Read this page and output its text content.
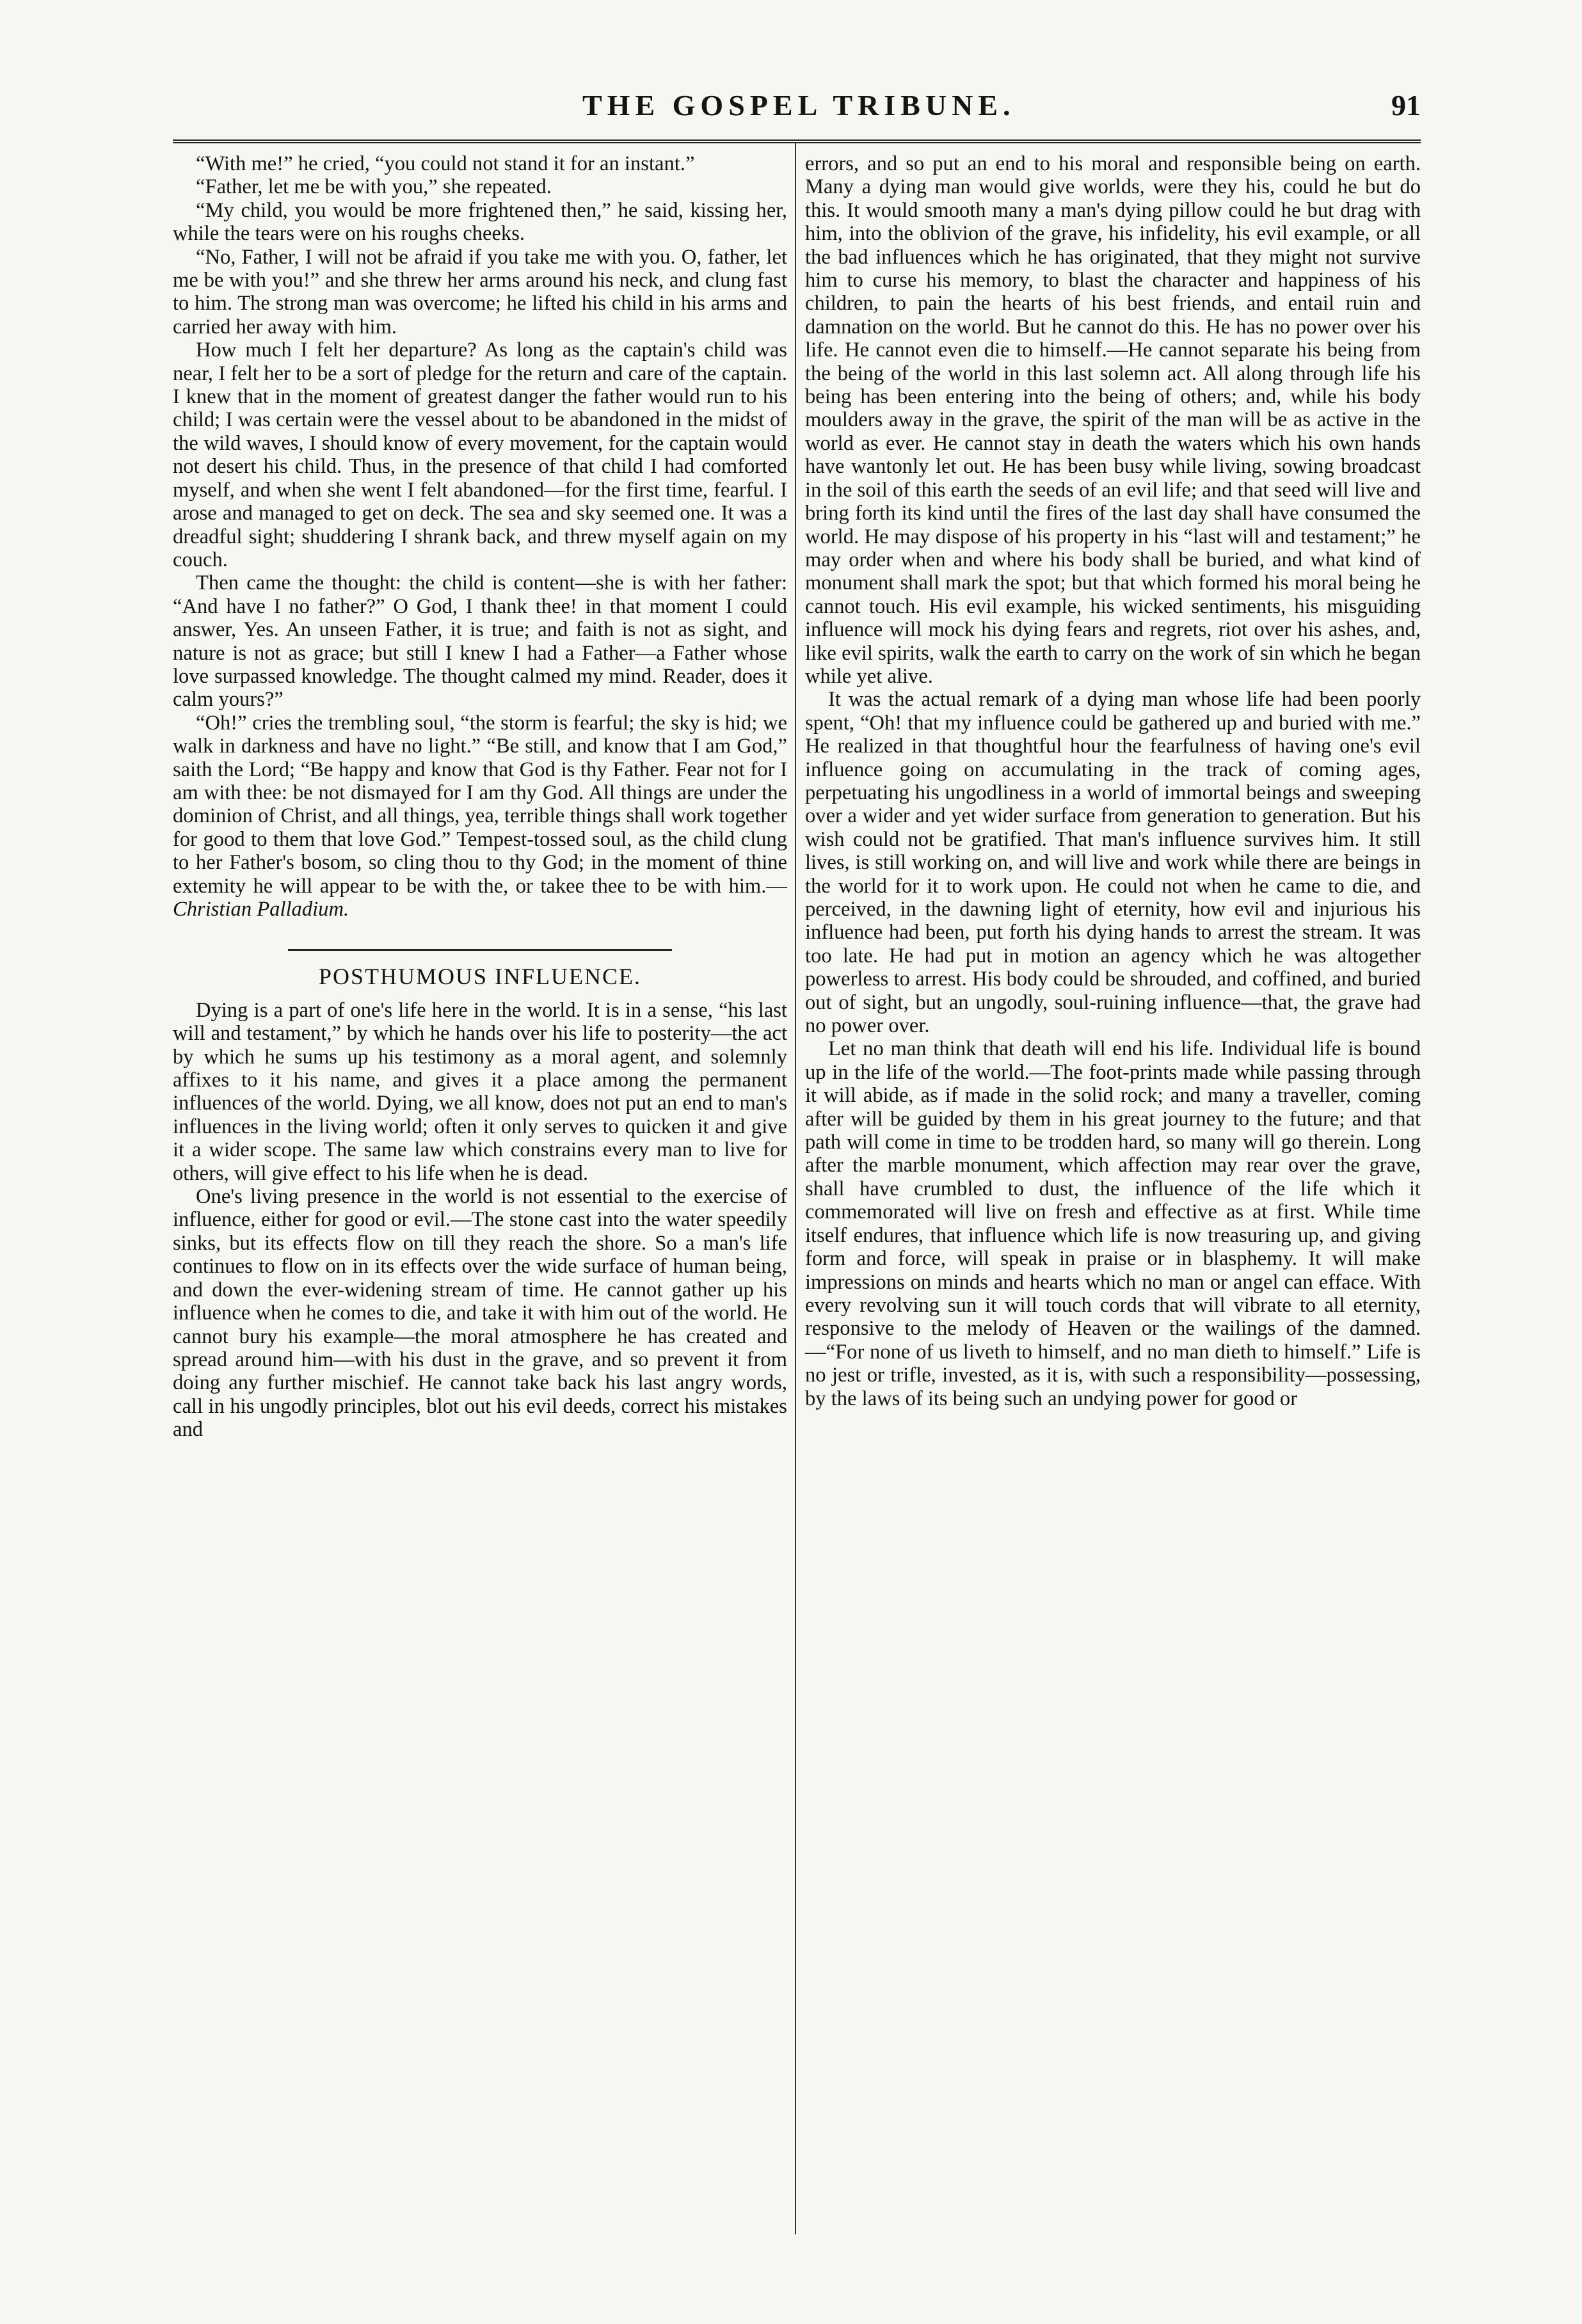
THE GOSPEL TRIBUNE.	91

“With me!” he cried, “you could not stand it for an instant.”

“Father, let me be with you,” she repeated.

“My child, you would be more frightened then,” he said, kissing her, while the tears were on his roughs cheeks.

“No, Father, I will not be afraid if you take me with you. O, father, let me be with you!” and she threw her arms around his neck, and clung fast to him. The strong man was overcome; he lifted his child in his arms and carried her away with him.

How much I felt her departure? As long as the captain's child was near, I felt her to be a sort of pledge for the return and care of the captain. I knew that in the moment of greatest danger the father would run to his child; I was certain were the vessel about to be abandoned in the midst of the wild waves, I should know of every movement, for the captain would not desert his child. Thus, in the presence of that child I had comforted myself, and when she went I felt abandoned—for the first time, fearful. I arose and managed to get on deck. The sea and sky seemed one. It was a dreadful sight; shuddering I shrank back, and threw myself again on my couch.

Then came the thought: the child is content—she is with her father: “And have I no father?” O God, I thank thee! in that moment I could answer, Yes. An unseen Father, it is true; and faith is not as sight, and nature is not as grace; but still I knew I had a Father—a Father whose love surpassed knowledge. The thought calmed my mind. Reader, does it calm yours?”

“Oh!” cries the trembling soul, “the storm is fearful; the sky is hid; we walk in darkness and have no light.” “Be still, and know that I am God,” saith the Lord; “Be happy and know that God is thy Father. Fear not for I am with thee: be not dismayed for I am thy God. All things are under the dominion of Christ, and all things, yea, terrible things shall work together for good to them that love God.” Tempest-tossed soul, as the child clung to her Father's bosom, so cling thou to thy God; in the moment of thine extemity he will appear to be with the, or takee thee to be with him.—Christian Palladium.

POSTHUMOUS INFLUENCE.

Dying is a part of one's life here in the world. It is in a sense, “his last will and testament,” by which he hands over his life to posterity—the act by which he sums up his testimony as a moral agent, and solemnly affixes to it his name, and gives it a place among the permanent influences of the world. Dying, we all know, does not put an end to man's influences in the living world; often it only serves to quicken it and give it a wider scope. The same law which constrains every man to live for others, will give effect to his life when he is dead.

One's living presence in the world is not essential to the exercise of influence, either for good or evil.—The stone cast into the water speedily sinks, but its effects flow on till they reach the shore. So a man's life continues to flow on in its effects over the wide surface of human being, and down the ever-widening stream of time. He cannot gather up his influence when he comes to die, and take it with him out of the world. He cannot bury his example—the moral atmosphere he has created and spread around him—with his dust in the grave, and so prevent it from doing any further mischief. He cannot take back his last angry words, call in his ungodly principles, blot out his evil deeds, correct his mistakes and

errors, and so put an end to his moral and responsible being on earth. Many a dying man would give worlds, were they his, could he but do this. It would smooth many a man's dying pillow could he but drag with him, into the oblivion of the grave, his infidelity, his evil example, or all the bad influences which he has originated, that they might not survive him to curse his memory, to blast the character and happiness of his children, to pain the hearts of his best friends, and entail ruin and damnation on the world. But he cannot do this. He has no power over his life. He cannot even die to himself.—He cannot separate his being from the being of the world in this last solemn act. All along through life his being has been entering into the being of others; and, while his body moulders away in the grave, the spirit of the man will be as active in the world as ever. He cannot stay in death the waters which his own hands have wantonly let out. He has been busy while living, sowing broadcast in the soil of this earth the seeds of an evil life; and that seed will live and bring forth its kind until the fires of the last day shall have consumed the world. He may dispose of his property in his “last will and testament;” he may order when and where his body shall be buried, and what kind of monument shall mark the spot; but that which formed his moral being he cannot touch. His evil example, his wicked sentiments, his misguiding influence will mock his dying fears and regrets, riot over his ashes, and, like evil spirits, walk the earth to carry on the work of sin which he began while yet alive.

It was the actual remark of a dying man whose life had been poorly spent, “Oh! that my influence could be gathered up and buried with me.” He realized in that thoughtful hour the fearfulness of having one's evil influence going on accumulating in the track of coming ages, perpetuating his ungodliness in a world of immortal beings and sweeping over a wider and yet wider surface from generation to generation. But his wish could not be gratified. That man's influence survives him. It still lives, is still working on, and will live and work while there are beings in the world for it to work upon. He could not when he came to die, and perceived, in the dawning light of eternity, how evil and injurious his influence had been, put forth his dying hands to arrest the stream. It was too late. He had put in motion an agency which he was altogether powerless to arrest. His body could be shrouded, and coffined, and buried out of sight, but an ungodly, soul-ruining influence—that, the grave had no power over.

Let no man think that death will end his life. Individual life is bound up in the life of the world.—The foot-prints made while passing through it will abide, as if made in the solid rock; and many a traveller, coming after will be guided by them in his great journey to the future; and that path will come in time to be trodden hard, so many will go therein. Long after the marble monument, which affection may rear over the grave, shall have crumbled to dust, the influence of the life which it commemorated will live on fresh and effective as at first. While time itself endures, that influence which life is now treasuring up, and giving form and force, will speak in praise or in blasphemy. It will make impressions on minds and hearts which no man or angel can efface. With every revolving sun it will touch cords that will vibrate to all eternity, responsive to the melody of Heaven or the wailings of the damned.—“For none of us liveth to himself, and no man dieth to himself.” Life is no jest or trifle, invested, as it is, with such a responsibility—possessing, by the laws of its being such an undying power for good or
